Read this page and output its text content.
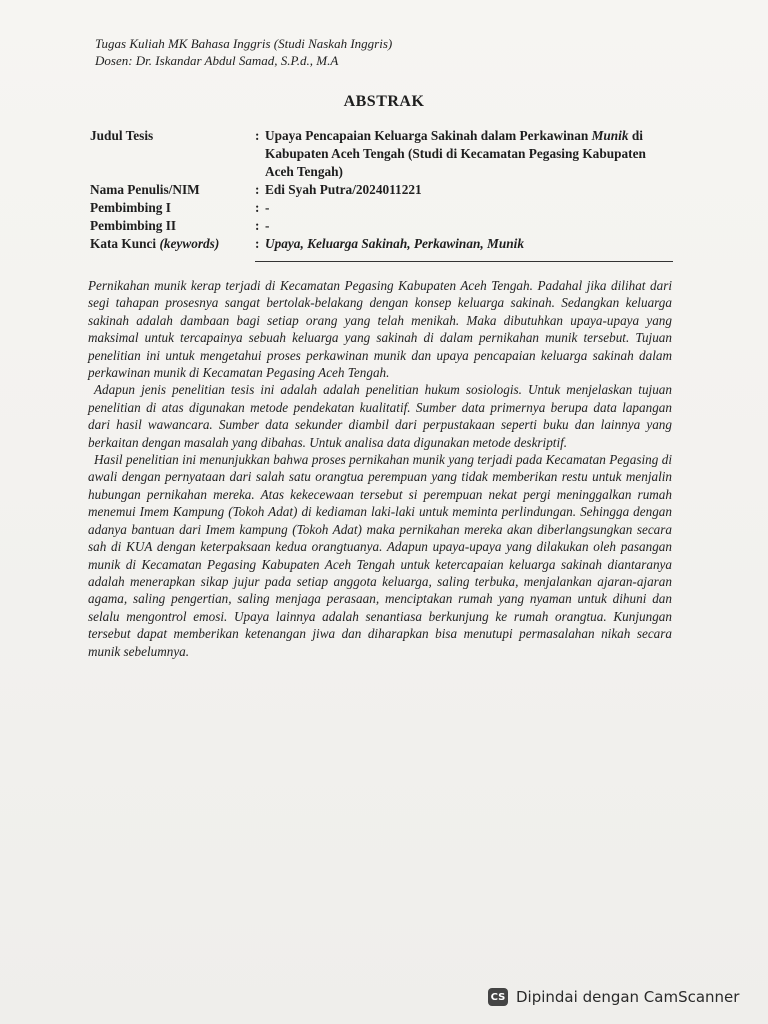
Tugas Kuliah MK Bahasa Inggris (Studi Naskah Inggris)
Dosen: Dr. Iskandar Abdul Samad, S.P.d., M.A
ABSTRAK
Judul Tesis	: Upaya Pencapaian Keluarga Sakinah dalam Perkawinan Munik di Kabupaten Aceh Tengah (Studi di Kecamatan Pegasing Kabupaten Aceh Tengah)
Nama Penulis/NIM	: Edi Syah Putra/2024011221
Pembimbing I	: -
Pembimbing II	: -
Kata Kunci (keywords)	: Upaya, Keluarga Sakinah, Perkawinan, Munik

Pernikahan munik kerap terjadi di Kecamatan Pegasing Kabupaten Aceh Tengah. Padahal jika dilihat dari segi tahapan prosesnya sangat bertolak-belakang dengan konsep keluarga sakinah. Sedangkan keluarga sakinah adalah dambaan bagi setiap orang yang telah menikah. Maka dibutuhkan upaya-upaya yang maksimal untuk tercapainya sebuah keluarga yang sakinah di dalam pernikahan munik tersebut. Tujuan penelitian ini untuk mengetahui proses perkawinan munik dan upaya pencapaian keluarga sakinah dalam perkawinan munik di Kecamatan Pegasing Aceh Tengah.

Adapun jenis penelitian tesis ini adalah adalah penelitian hukum sosiologis. Untuk menjelaskan tujuan penelitian di atas digunakan metode pendekatan kualitatif. Sumber data primernya berupa data lapangan dari hasil wawancara. Sumber data sekunder diambil dari perpustakaan seperti buku dan lainnya yang berkaitan dengan masalah yang dibahas. Untuk analisa data digunakan metode deskriptif.

Hasil penelitian ini menunjukkan bahwa proses pernikahan munik yang terjadi pada Kecamatan Pegasing di awali dengan pernyataan dari salah satu orangtua perempuan yang tidak memberikan restu untuk menjalin hubungan pernikahan mereka. Atas kekecewaan tersebut si perempuan nekat pergi meninggalkan rumah menemui Imem Kampung (Tokoh Adat) di kediaman laki-laki untuk meminta perlindungan. Sehingga dengan adanya bantuan dari Imem kampung (Tokoh Adat) maka pernikahan mereka akan diberlangsungkan secara sah di KUA dengan keterpaksaan kedua orangtuanya. Adapun upaya-upaya yang dilakukan oleh pasangan munik di Kecamatan Pegasing Kabupaten Aceh Tengah untuk ketercapaian keluarga sakinah diantaranya adalah menerapkan sikap jujur pada setiap anggota keluarga, saling terbuka, menjalankan ajaran-ajaran agama, saling pengertian, saling menjaga perasaan, menciptakan rumah yang nyaman untuk dihuni dan selalu mengontrol emosi. Upaya lainnya adalah senantiasa berkunjung ke rumah orangtua. Kunjungan tersebut dapat memberikan ketenangan jiwa dan diharapkan bisa menutupi permasalahan nikah secara munik sebelumnya.

CS Dipindai dengan CamScanner
